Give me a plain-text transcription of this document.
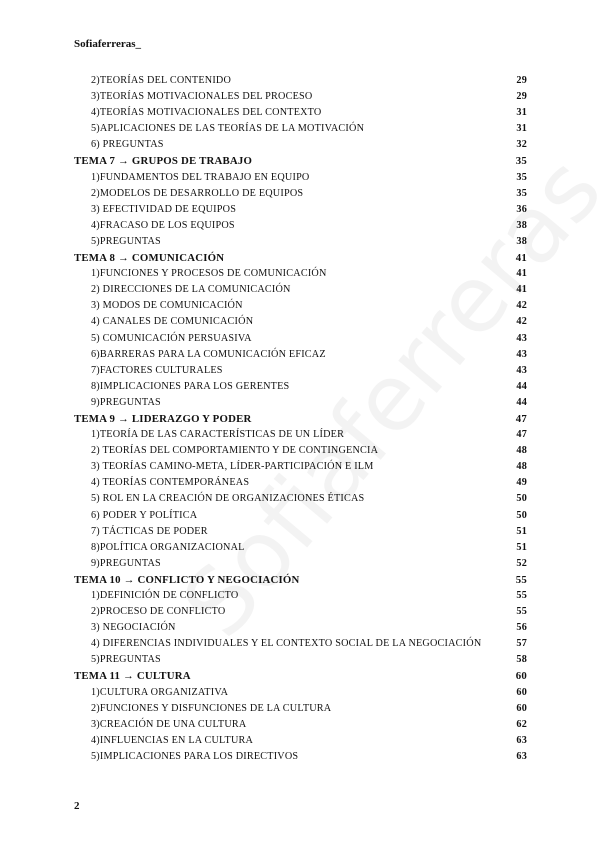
Sofiaferreras_
2)TEORÍAS DEL CONTENIDO	29
3)TEORÍAS MOTIVACIONALES DEL PROCESO	29
4)TEORÍAS MOTIVACIONALES DEL CONTEXTO	31
5)APLICACIONES DE LAS TEORÍAS DE LA MOTIVACIÓN	31
6) PREGUNTAS	32
TEMA 7 → GRUPOS DE TRABAJO	35
1)FUNDAMENTOS DEL TRABAJO EN EQUIPO	35
2)MODELOS DE DESARROLLO DE EQUIPOS	35
3) EFECTIVIDAD DE EQUIPOS	36
4)FRACASO DE LOS EQUIPOS	38
5)PREGUNTAS	38
TEMA 8 → COMUNICACIÓN	41
1)FUNCIONES Y PROCESOS DE COMUNICACIÓN	41
2) DIRECCIONES DE LA COMUNICACIÓN	41
3) MODOS DE COMUNICACIÓN	42
4) CANALES DE COMUNICACIÓN	42
5) COMUNICACIÓN PERSUASIVA	43
6)BARRERAS PARA LA COMUNICACIÓN EFICAZ	43
7)FACTORES CULTURALES	43
8)IMPLICACIONES PARA LOS GERENTES	44
9)PREGUNTAS	44
TEMA 9 → LIDERAZGO Y PODER	47
1)TEORÍA DE LAS CARACTERÍSTICAS DE UN LÍDER	47
2) TEORÍAS DEL COMPORTAMIENTO Y DE CONTINGENCIA	48
3) TEORÍAS CAMINO-META, LÍDER-PARTICIPACIÓN E ILM	48
4) TEORÍAS CONTEMPORÁNEAS	49
5) ROL EN LA CREACIÓN DE ORGANIZACIONES ÉTICAS	50
6) PODER Y POLÍTICA	50
7) TÁCTICAS DE PODER	51
8)POLÍTICA ORGANIZACIONAL	51
9)PREGUNTAS	52
TEMA 10 → CONFLICTO Y NEGOCIACIÓN	55
1)DEFINICIÓN DE CONFLICTO	55
2)PROCESO DE CONFLICTO	55
3) NEGOCIACIÓN	56
4) DIFERENCIAS INDIVIDUALES Y EL CONTEXTO SOCIAL DE LA NEGOCIACIÓN	57
5)PREGUNTAS	58
TEMA 11 → CULTURA	60
1)CULTURA ORGANIZATIVA	60
2)FUNCIONES Y DISFUNCIONES DE LA CULTURA	60
3)CREACIÓN DE UNA CULTURA	62
4)INFLUENCIAS EN LA CULTURA	63
5)IMPLICACIONES PARA LOS DIRECTIVOS	63
2
